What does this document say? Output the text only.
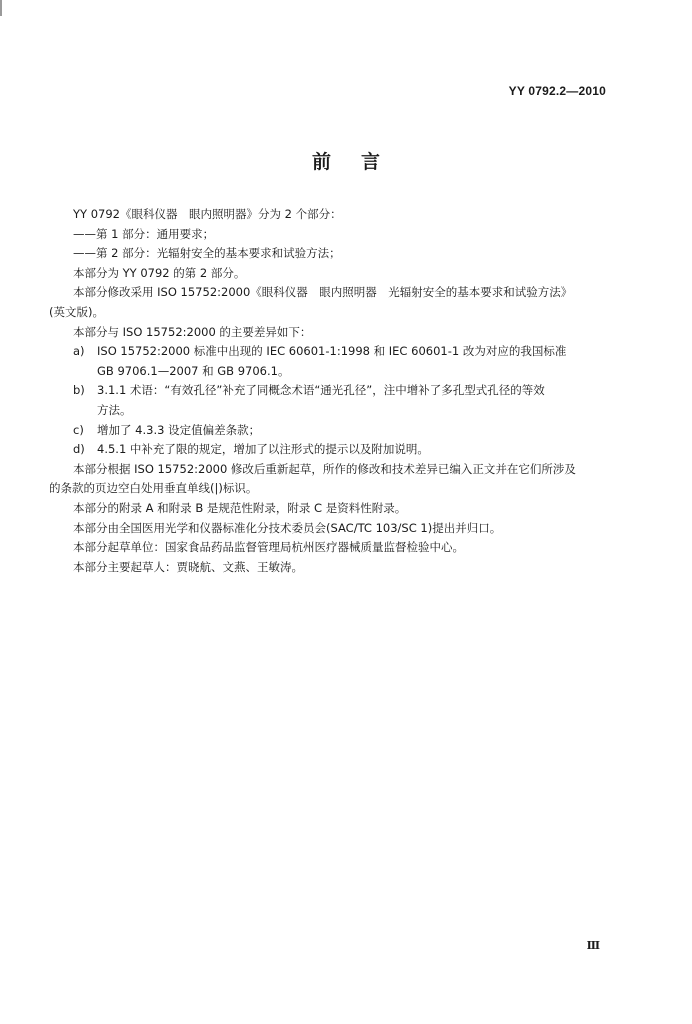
YY 0792.2—2010
前言
YY 0792《眼科仪器　眼内照明器》分为 2 个部分：
——第 1 部分：通用要求；
——第 2 部分：光辐射安全的基本要求和试验方法；
本部分为 YY 0792 的第 2 部分。
本部分修改采用 ISO 15752:2000《眼科仪器　眼内照明器　光辐射安全的基本要求和试验方法》
(英文版)。
本部分与 ISO 15752:2000 的主要差异如下：
a)	ISO 15752:2000 标准中出现的 IEC 60601-1:1998 和 IEC 60601-1 改为对应的我国标准
GB 9706.1—2007 和 GB 9706.1。
b)	3.1.1 术语：“有效孔径”补充了同概念术语“通光孔径”，注中增补了多孔型式孔径的等效
方法。
c)	增加了 4.3.3 设定值偏差条款；
d)	4.5.1 中补充了限的规定，增加了以注形式的提示以及附加说明。
本部分根据 ISO 15752:2000 修改后重新起草，所作的修改和技术差异已编入正文并在它们所涉及
的条款的页边空白处用垂直单线(|)标识。
本部分的附录 A 和附录 B 是规范性附录，附录 C 是资料性附录。
本部分由全国医用光学和仪器标准化分技术委员会(SAC/TC 103/SC 1)提出并归口。
本部分起草单位：国家食品药品监督管理局杭州医疗器械质量监督检验中心。
本部分主要起草人：贾晓航、文燕、王敏涛。
Ⅲ
